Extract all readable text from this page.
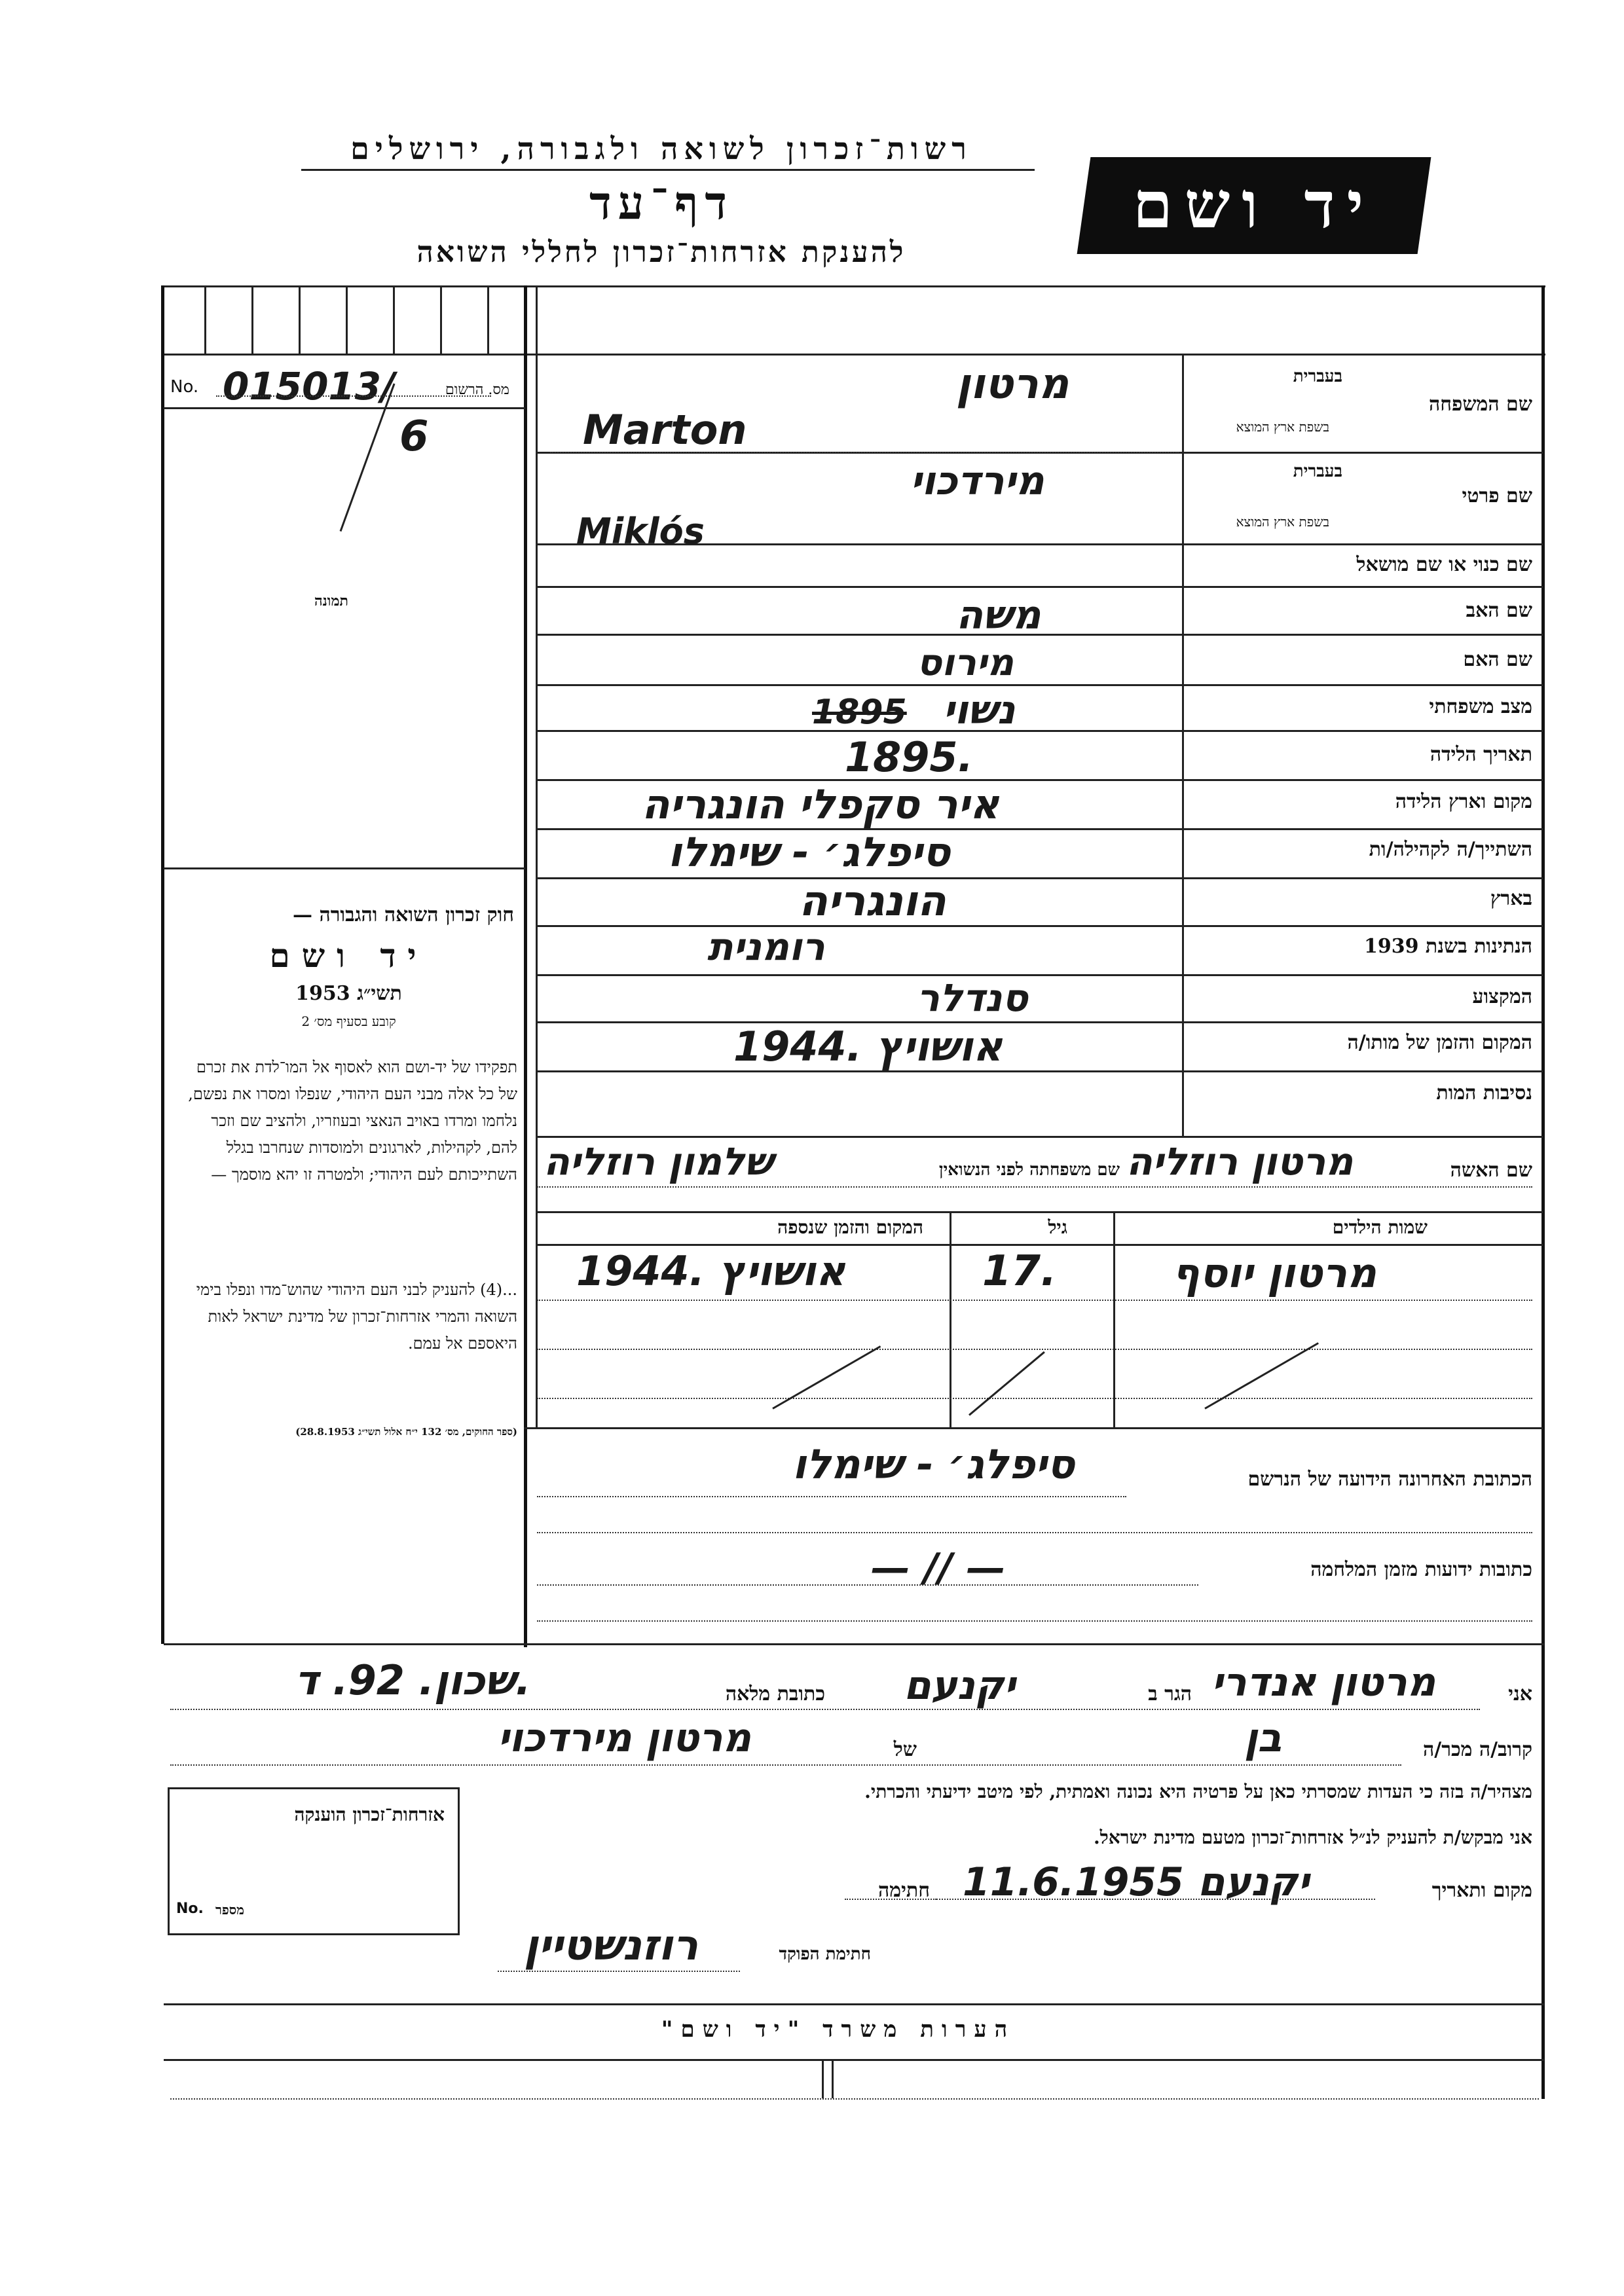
רשות־זכרון לשואה ולגבורה, ירושלים
דף־עד
להענקת אזרחות־זכרון לחללי השואה
יד ושם
No. 015013/	מס. הרשום
6
תמונה
חוק זכרון השואה והגבורה —
יד ושם
תשי״ג 1953
קובע בסעיף מס׳ 2
תפקידו של יד-ושם הוא לאסוף אל המו־לדת את זכרם של כל אלה מבני העם היהודי, שנפלו ומסרו את נפשם, נלחמו ומרדו באויב הנאצי ובעוזריו, ולהציב שם וזכר להם, לקהילות, לארגונים ולמוסדות שנחרבו בגלל השתייכותם לעם היהודי; ולמטרה זו יהא מוסמך —
...(4) להעניק לבני העם היהודי שהוש־מדו ונפלו בימי השואה והמרי אזרחות־זכרון של מדינת ישראל לאות היאספם אל עמם.
(ספר החוקים, מס׳ 132 י״ח אלול תשי״ג 28.8.1953)
שם המשפחה
בעברית
בשפת ארץ המוצא
מרטון
Marton
שם פרטי
בעברית
בשפת ארץ המוצא
מירדכוי
Miklós
שם כנוי או שם מושאל
שם האב
משה
שם האם
מירוס
מצב משפחתי
נשוי
1895
תאריך הלידה
1895.
מקום וארץ הלידה
איר סקפלי הונגריה
השתייך/ה לקהילה/ות
סיפלג׳ - שימלו
בארץ
הונגריה
הנתינות בשנת 1939
רומנית
המקצוע
סנדלר
המקום והזמן של מותו/ה
1944. אושויץ
נסיבות המות
שם האשה
מרטון רוזליה
שם משפחתה לפני הנשואין
שלמון רוזליה
שמות הילדים
גיל
המקום והזמן שנספה
מרטון יוסף
17.
1944. אושויץ
הכתובת האחרונה הידועה של הנרשם
סיפלג׳ - שימלו
כתובות ידועות מזמן המלחמה
— // —
אני
מרטון אנדרי
הגר ב
יקנעם
כתובת מלאה
שכון. 92. ד.
קרוב/ה מכר/ה
בן
של
מרטון מירדכוי
מצהיר/ה בזה כי העדות שמסרתי כאן על פרטיה היא נכונה ואמתית, לפי מיטב ידיעתי והכרתי.
אני מבקש/ת להעניק לנ״ל אזרחות־זכרון מטעם מדינת ישראל.
מקום ותאריך
יקנעם 11.6.1955
חתימה
חתימת הפוקד
רוזנשטיין
אזרחות־זכרון הוענקה
מספר
No.
הערות משרד "יד ושם"
